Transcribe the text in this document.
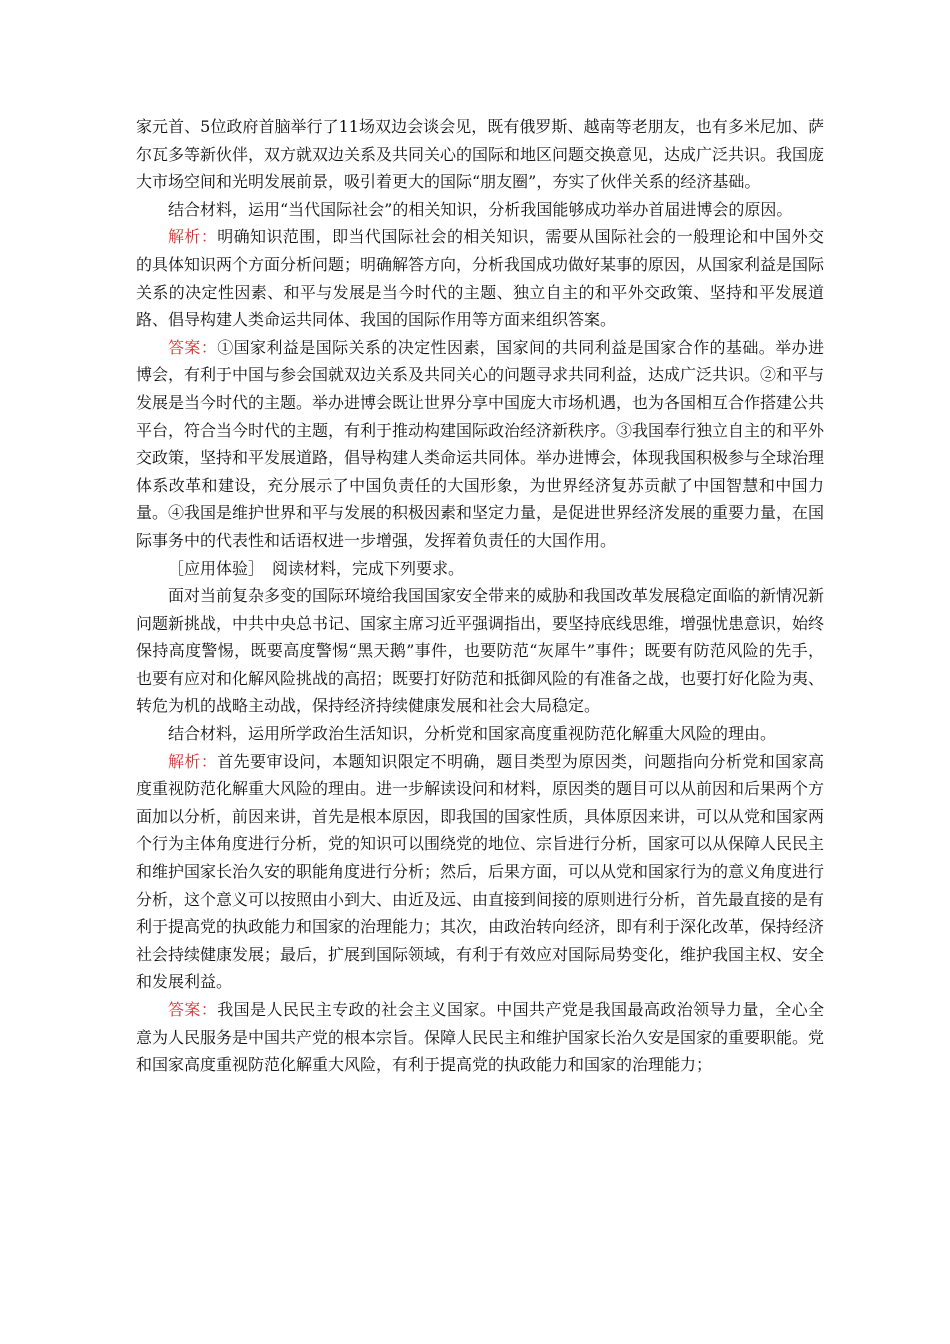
家元首、5位政府首脑举行了11场双边会谈会见，既有俄罗斯、越南等老朋友，也有多米尼加、萨尔瓦多等新伙伴，双方就双边关系及共同关心的国际和地区问题交换意见，达成广泛共识。我国庞大市场空间和光明发展前景，吸引着更大的国际“朋友圈”，夯实了伙伴关系的经济基础。

结合材料，运用“当代国际社会”的相关知识，分析我国能够成功举办首届进博会的原因。

解析：明确知识范围，即当代国际社会的相关知识，需要从国际社会的一般理论和中国外交的具体知识两个方面分析问题；明确解答方向，分析我国成功做好某事的原因，从国家利益是国际关系的决定性因素、和平与发展是当今时代的主题、独立自主的和平外交政策、坚持和平发展道路、倡导构建人类命运共同体、我国的国际作用等方面来组织答案。

答案：①国家利益是国际关系的决定性因素，国家间的共同利益是国家合作的基础。举办进博会，有利于中国与参会国就双边关系及共同关心的问题寻求共同利益，达成广泛共识。②和平与发展是当今时代的主题。举办进博会既让世界分享中国庞大市场机遇，也为各国相互合作搭建公共平台，符合当今时代的主题，有利于推动构建国际政治经济新秩序。③我国奉行独立自主的和平外交政策，坚持和平发展道路，倡导构建人类命运共同体。举办进博会，体现我国积极参与全球治理体系改革和建设，充分展示了中国负责任的大国形象，为世界经济复苏贡献了中国智慧和中国力量。④我国是维护世界和平与发展的积极因素和坚定力量，是促进世界经济发展的重要力量，在国际事务中的代表性和话语权进一步增强，发挥着负责任的大国作用。

［应用体验］　阅读材料，完成下列要求。

面对当前复杂多变的国际环境给我国国家安全带来的威胁和我国改革发展稳定面临的新情况新问题新挑战，中共中央总书记、国家主席习近平强调指出，要坚持底线思维，增强忧患意识，始终保持高度警惕，既要高度警惕“黑天鹅”事件，也要防范“灰犀牛”事件；既要有防范风险的先手，也要有应对和化解风险挑战的高招；既要打好防范和抵御风险的有准备之战，也要打好化险为夷、转危为机的战略主动战，保持经济持续健康发展和社会大局稳定。

结合材料，运用所学政治生活知识，分析党和国家高度重视防范化解重大风险的理由。

解析：首先要审设问，本题知识限定不明确，题目类型为原因类，问题指向分析党和国家高度重视防范化解重大风险的理由。进一步解读设问和材料，原因类的题目可以从前因和后果两个方面加以分析，前因来讲，首先是根本原因，即我国的国家性质，具体原因来讲，可以从党和国家两个行为主体角度进行分析，党的知识可以围绕党的地位、宗旨进行分析，国家可以从保障人民民主和维护国家长治久安的职能角度进行分析；然后，后果方面，可以从党和国家行为的意义角度进行分析，这个意义可以按照由小到大、由近及远、由直接到间接的原则进行分析，首先最直接的是有利于提高党的执政能力和国家的治理能力；其次，由政治转向经济，即有利于深化改革，保持经济社会持续健康发展；最后，扩展到国际领域，有利于有效应对国际局势变化，维护我国主权、安全和发展利益。

答案：我国是人民民主专政的社会主义国家。中国共产党是我国最高政治领导力量，全心全意为人民服务是中国共产党的根本宗旨。保障人民民主和维护国家长治久安是国家的重要职能。党和国家高度重视防范化解重大风险，有利于提高党的执政能力和国家的治理能力；
